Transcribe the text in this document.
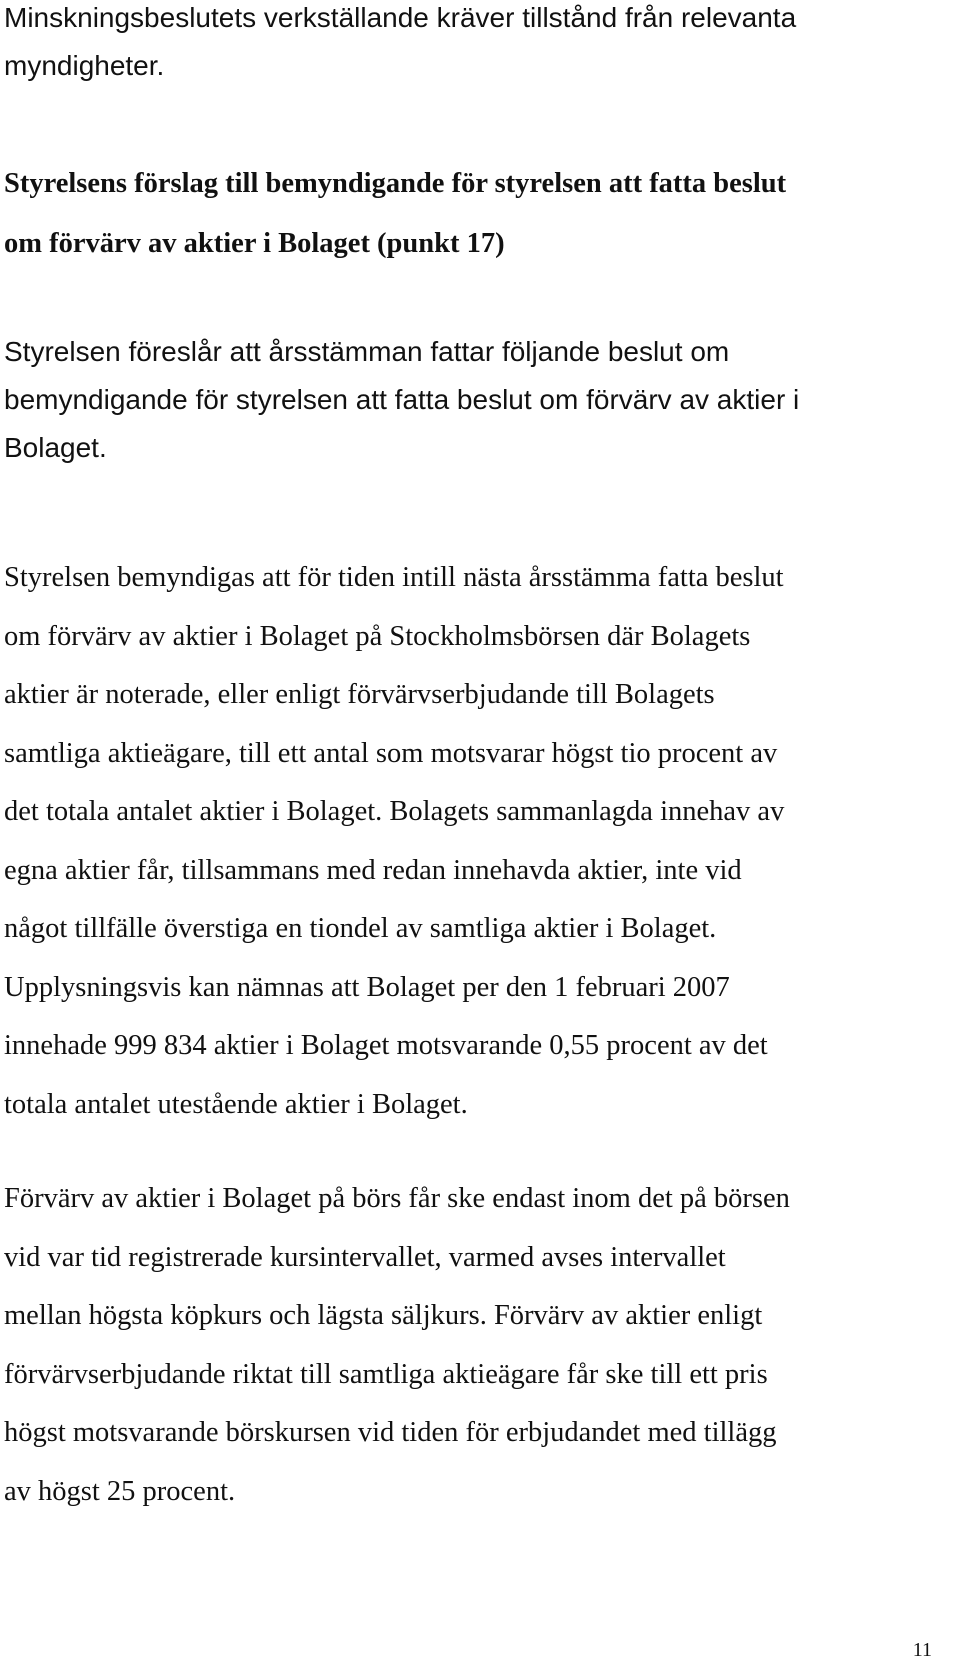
Minskningsbeslutets verkställande kräver tillstånd från relevanta
myndigheter.

Styrelsens förslag till bemyndigande för styrelsen att fatta beslut
om förvärv av aktier i Bolaget (punkt 17)

Styrelsen föreslår att årsstämman fattar följande beslut om
bemyndigande för styrelsen att fatta beslut om förvärv av aktier i
Bolaget.

Styrelsen bemyndigas att för tiden intill nästa årsstämma fatta beslut
om förvärv av aktier i Bolaget på Stockholmsbörsen där Bolagets
aktier är noterade, eller enligt förvärvserbjudande till Bolagets
samtliga aktieägare, till ett antal som motsvarar högst tio procent av
det totala antalet aktier i Bolaget. Bolagets sammanlagda innehav av
egna aktier får, tillsammans med redan innehavda aktier, inte vid
något tillfälle överstiga en tiondel av samtliga aktier i Bolaget.
Upplysningsvis kan nämnas att Bolaget per den 1 februari 2007
innehade 999 834 aktier i Bolaget motsvarande 0,55 procent av det
totala antalet utestående aktier i Bolaget.

Förvärv av aktier i Bolaget på börs får ske endast inom det på börsen
vid var tid registrerade kursintervallet, varmed avses intervallet
mellan högsta köpkurs och lägsta säljkurs. Förvärv av aktier enligt
förvärvserbjudande riktat till samtliga aktieägare får ske till ett pris
högst motsvarande börskursen vid tiden för erbjudandet med tillägg
av högst 25 procent.

11
